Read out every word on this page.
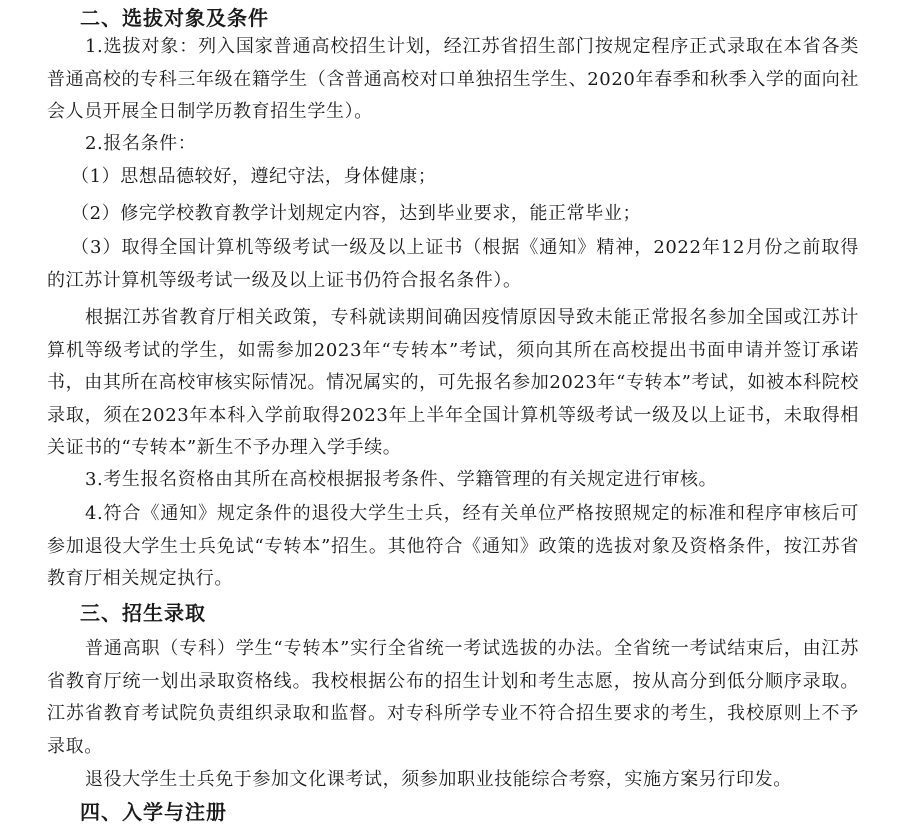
二、选拔对象及条件

1.选拔对象：列入国家普通高校招生计划，经江苏省招生部门按规定程序正式录取在本省各类普通高校的专科三年级在籍学生（含普通高校对口单独招生学生、2020年春季和秋季入学的面向社会人员开展全日制学历教育招生学生）。

2.报名条件：

（1）思想品德较好，遵纪守法，身体健康；

（2）修完学校教育教学计划规定内容，达到毕业要求，能正常毕业；

（3）取得全国计算机等级考试一级及以上证书（根据《通知》精神，2022年12月份之前取得的江苏计算机等级考试一级及以上证书仍符合报名条件）。

根据江苏省教育厅相关政策，专科就读期间确因疫情原因导致未能正常报名参加全国或江苏计算机等级考试的学生，如需参加2023年“专转本”考试，须向其所在高校提出书面申请并签订承诺书，由其所在高校审核实际情况。情况属实的，可先报名参加2023年“专转本”考试，如被本科院校录取，须在2023年本科入学前取得2023年上半年全国计算机等级考试一级及以上证书，未取得相关证书的“专转本”新生不予办理入学手续。

3.考生报名资格由其所在高校根据报考条件、学籍管理的有关规定进行审核。

4.符合《通知》规定条件的退役大学生士兵，经有关单位严格按照规定的标准和程序审核后可参加退役大学生士兵免试“专转本”招生。其他符合《通知》政策的选拔对象及资格条件，按江苏省教育厅相关规定执行。

三、招生录取

普通高职（专科）学生“专转本”实行全省统一考试选拔的办法。全省统一考试结束后，由江苏省教育厅统一划出录取资格线。我校根据公布的招生计划和考生志愿，按从高分到低分顺序录取。江苏省教育考试院负责组织录取和监督。对专科所学专业不符合招生要求的考生，我校原则上不予录取。

退役大学生士兵免于参加文化课考试，须参加职业技能综合考察，实施方案另行印发。

四、入学与注册
